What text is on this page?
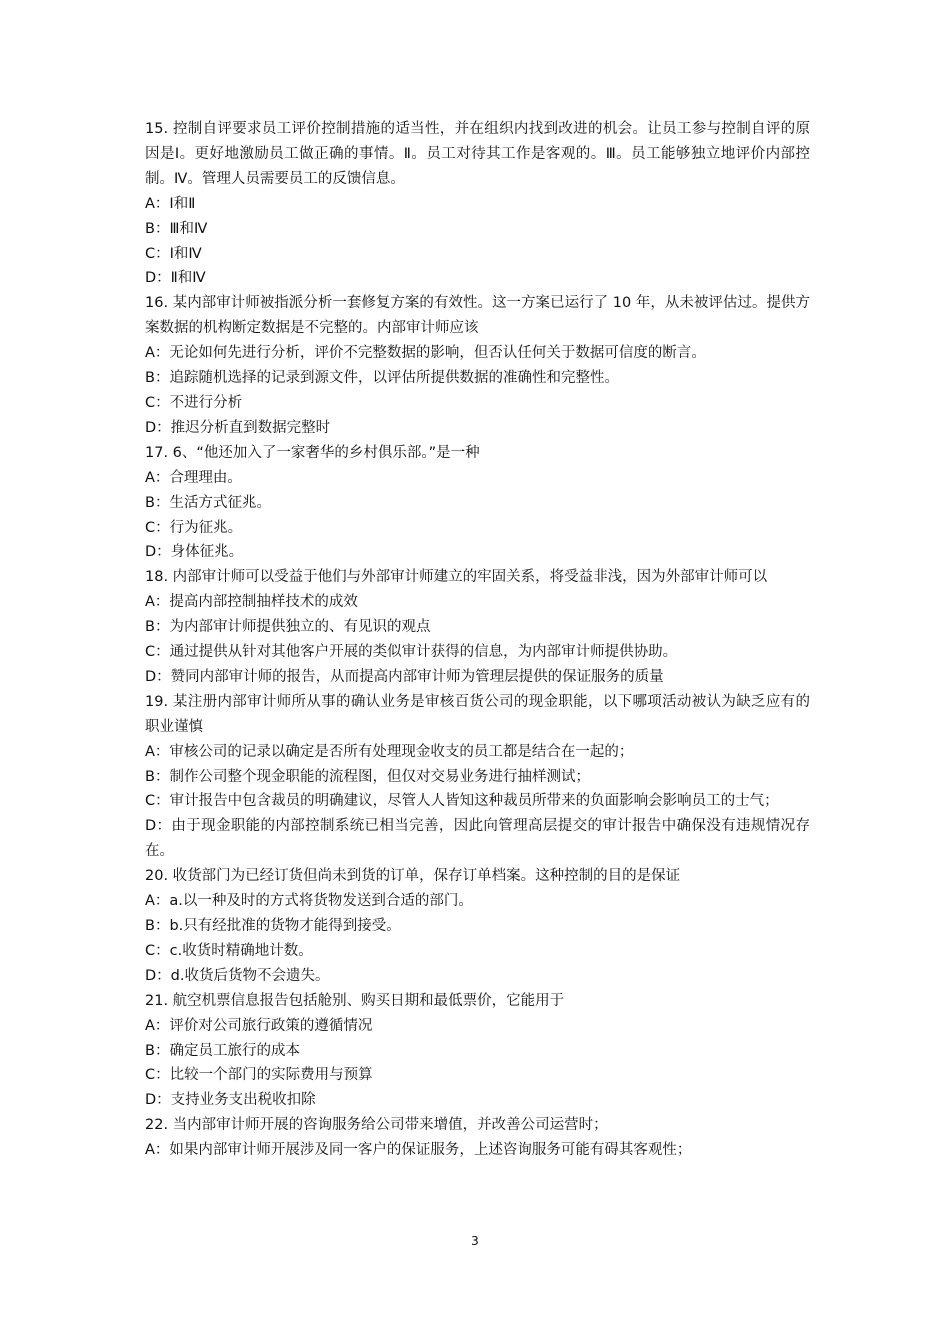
15. 控制自评要求员工评价控制措施的适当性，并在组织内找到改进的机会。让员工参与控制自评的原因是Ⅰ。更好地激励员工做正确的事情。Ⅱ。员工对待其工作是客观的。Ⅲ。员工能够独立地评价内部控制。Ⅳ。管理人员需要员工的反馈信息。
A：Ⅰ和Ⅱ
B：Ⅲ和Ⅳ
C：Ⅰ和Ⅳ
D：Ⅱ和Ⅳ
16. 某内部审计师被指派分析一套修复方案的有效性。这一方案已运行了 10 年，从未被评估过。提供方案数据的机构断定数据是不完整的。内部审计师应该
A：无论如何先进行分析，评价不完整数据的影响，但否认任何关于数据可信度的断言。
B：追踪随机选择的记录到源文件，以评估所提供数据的准确性和完整性。
C：不进行分析
D：推迟分析直到数据完整时
17. 6、“他还加入了一家奢华的乡村俱乐部。”是一种
A：合理理由。
B：生活方式征兆。
C：行为征兆。
D：身体征兆。
18. 内部审计师可以受益于他们与外部审计师建立的牢固关系，将受益非浅，因为外部审计师可以
A：提高内部控制抽样技术的成效
B：为内部审计师提供独立的、有见识的观点
C：通过提供从针对其他客户开展的类似审计获得的信息，为内部审计师提供协助。
D：赞同内部审计师的报告，从而提高内部审计师为管理层提供的保证服务的质量
19. 某注册内部审计师所从事的确认业务是审核百货公司的现金职能，以下哪项活动被认为缺乏应有的职业谨慎
A：审核公司的记录以确定是否所有处理现金收支的员工都是结合在一起的；
B：制作公司整个现金职能的流程图，但仅对交易业务进行抽样测试；
C：审计报告中包含裁员的明确建议，尽管人人皆知这种裁员所带来的负面影响会影响员工的士气；
D：由于现金职能的内部控制系统已相当完善，因此向管理高层提交的审计报告中确保没有违规情况存在。
20. 收货部门为已经订货但尚未到货的订单，保存订单档案。这种控制的目的是保证
A：a.以一种及时的方式将货物发送到合适的部门。
B：b.只有经批准的货物才能得到接受。
C：c.收货时精确地计数。
D：d.收货后货物不会遗失。
21. 航空机票信息报告包括舱别、购买日期和最低票价，它能用于
A：评价对公司旅行政策的遵循情况
B：确定员工旅行的成本
C：比较一个部门的实际费用与预算
D：支持业务支出税收扣除
22. 当内部审计师开展的咨询服务给公司带来增值，并改善公司运营时；
A：如果内部审计师开展涉及同一客户的保证服务，上述咨询服务可能有碍其客观性；
3
